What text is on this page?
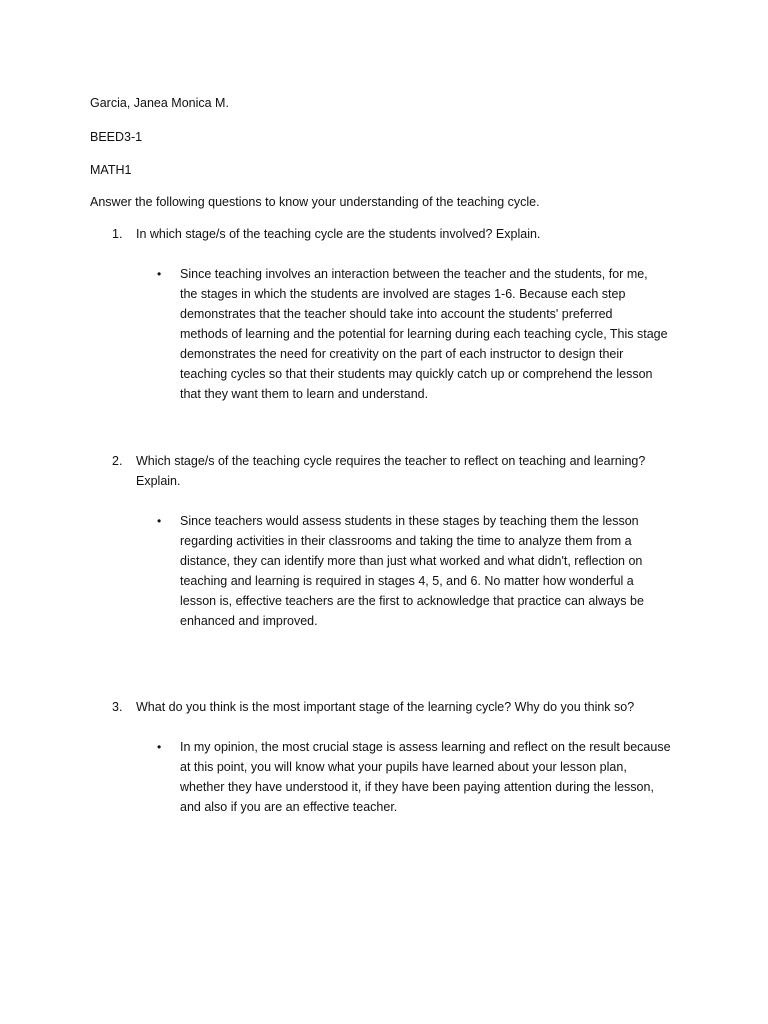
Garcia, Janea Monica M.
BEED3-1
MATH1
Answer the following questions to know your understanding of the teaching cycle.
1. In which stage/s of the teaching cycle are the students involved? Explain.
• Since teaching involves an interaction between the teacher and the students, for me,
the stages in which the students are involved are stages 1-6. Because each step
demonstrates that the teacher should take into account the students' preferred
methods of learning and the potential for learning during each teaching cycle, This stage
demonstrates the need for creativity on the part of each instructor to design their
teaching cycles so that their students may quickly catch up or comprehend the lesson
that they want them to learn and understand.
2. Which stage/s of the teaching cycle requires the teacher to reflect on teaching and learning?
Explain.
• Since teachers would assess students in these stages by teaching them the lesson
regarding activities in their classrooms and taking the time to analyze them from a
distance, they can identify more than just what worked and what didn't, reflection on
teaching and learning is required in stages 4, 5, and 6. No matter how wonderful a
lesson is, effective teachers are the first to acknowledge that practice can always be
enhanced and improved.
3. What do you think is the most important stage of the learning cycle? Why do you think so?
• In my opinion, the most crucial stage is assess learning and reflect on the result because
at this point, you will know what your pupils have learned about your lesson plan,
whether they have understood it, if they have been paying attention during the lesson,
and also if you are an effective teacher.
